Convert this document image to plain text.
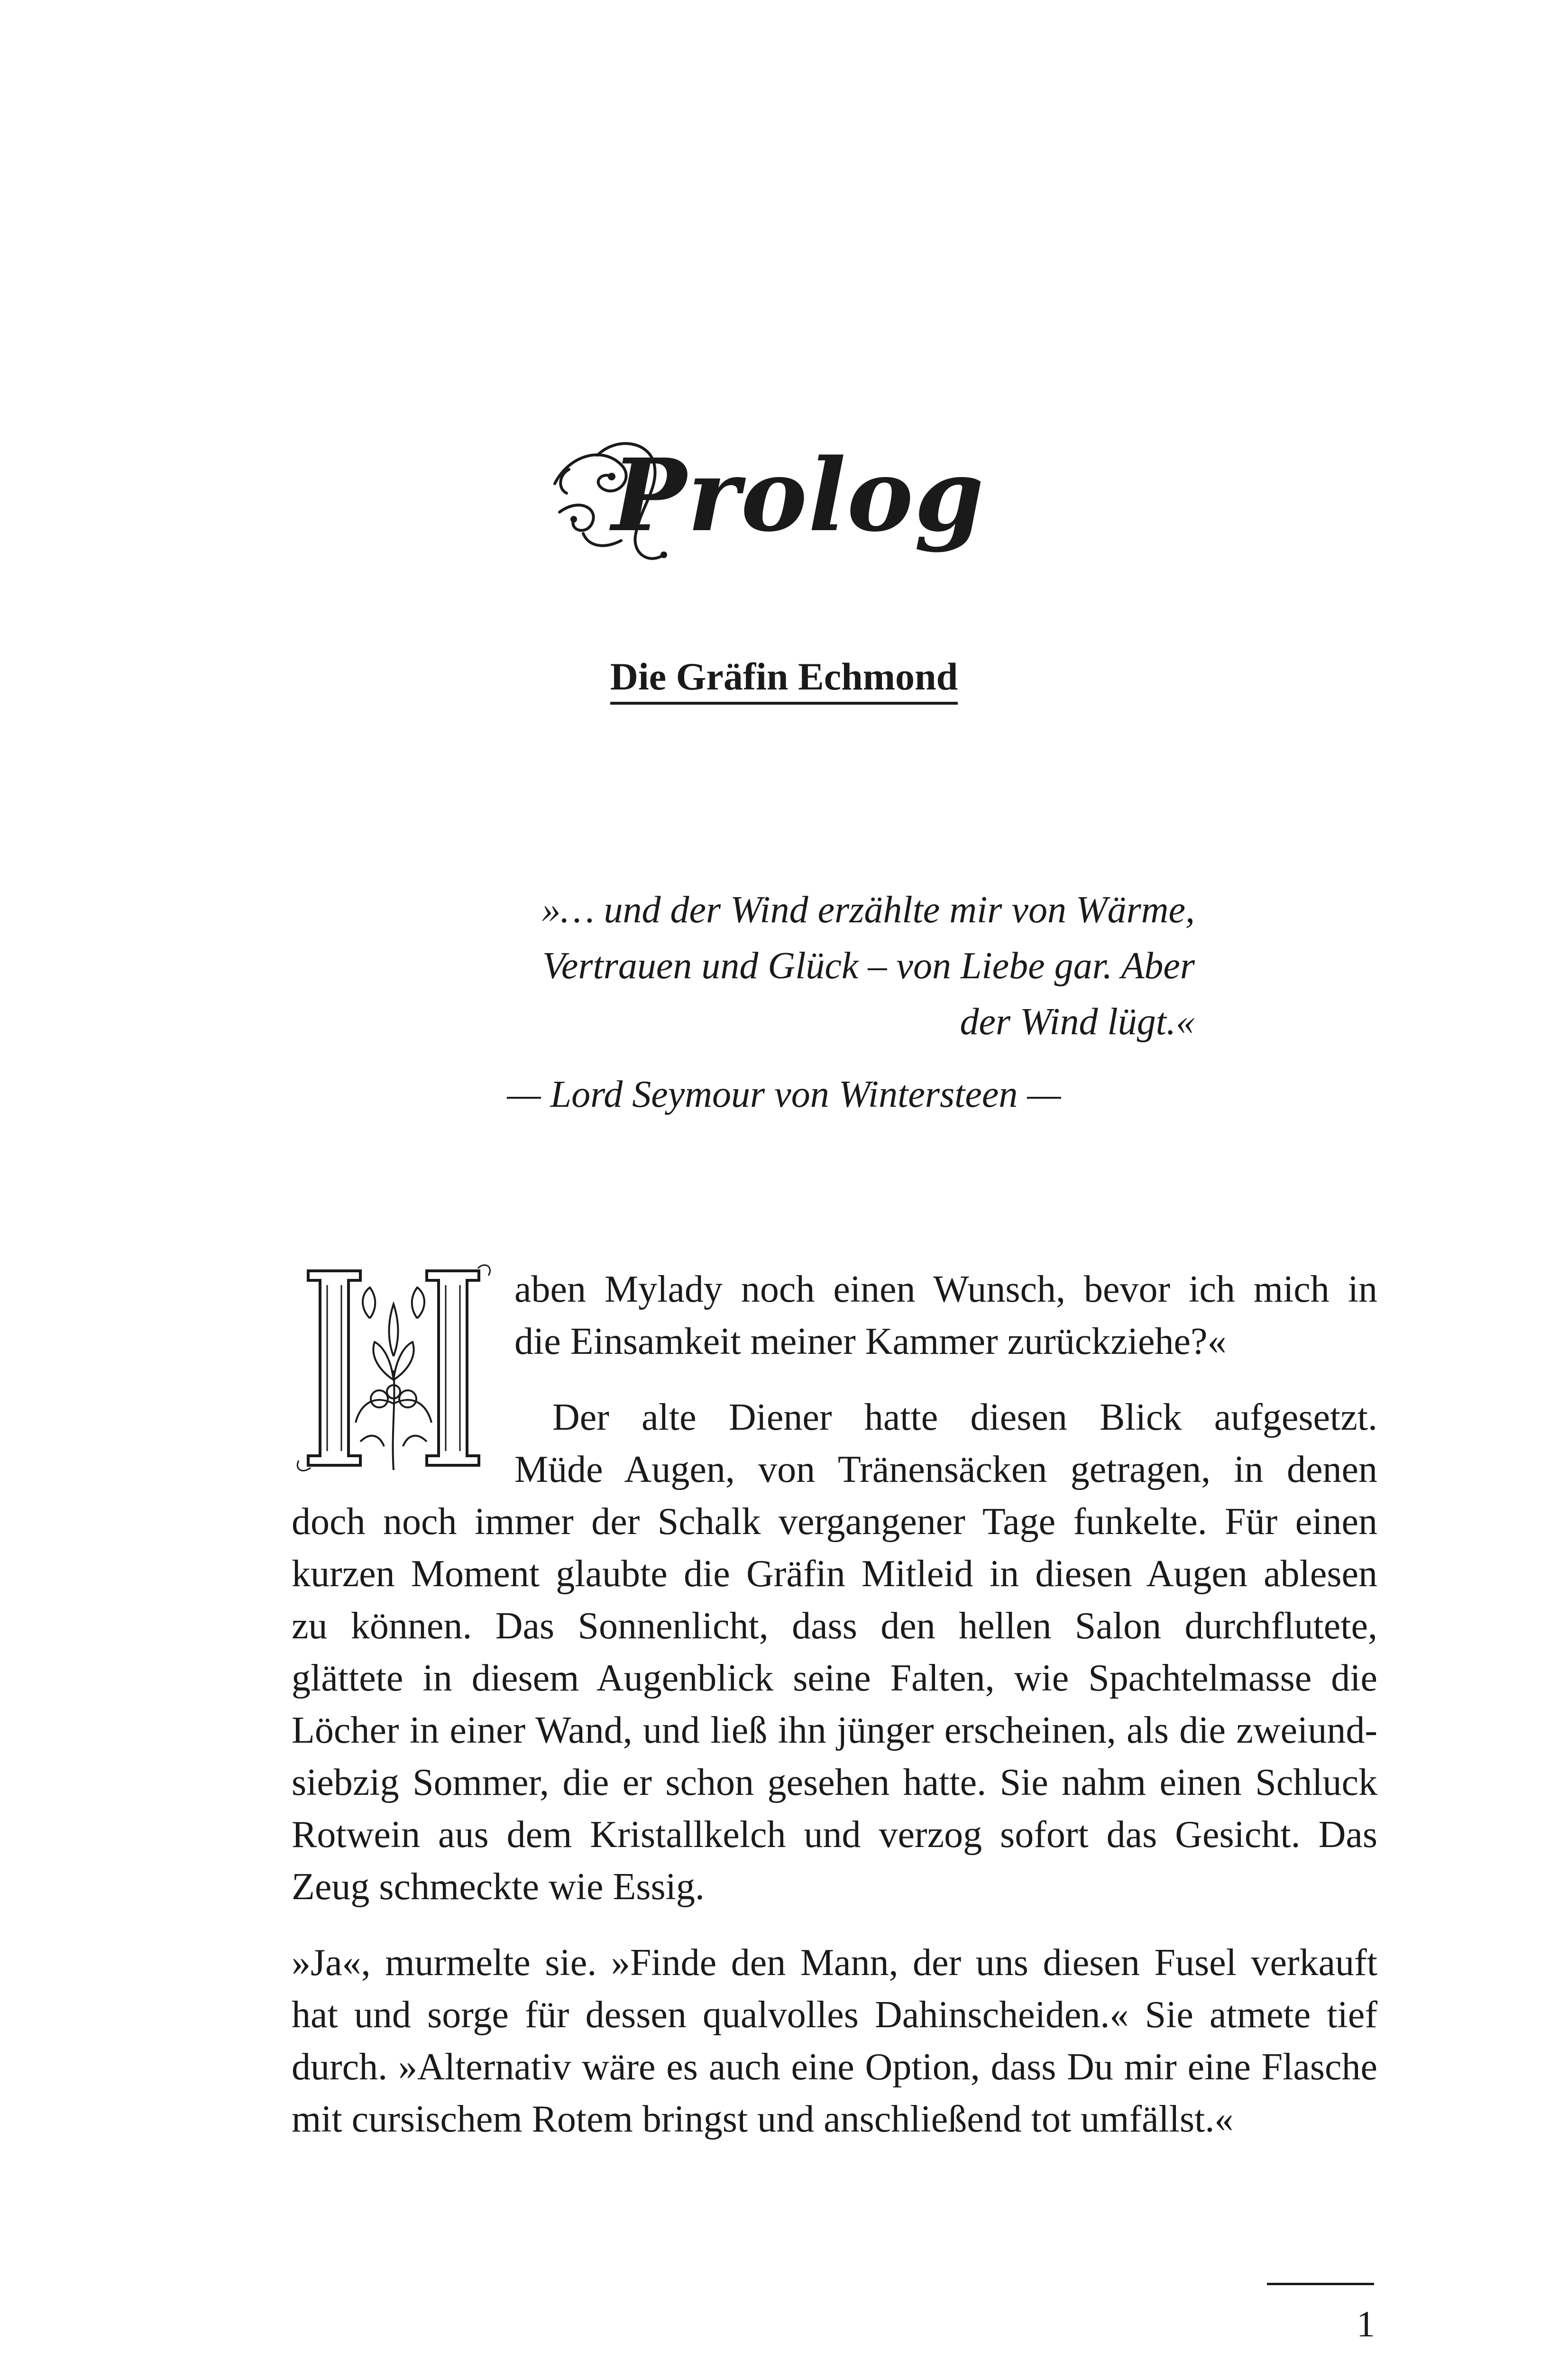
Prolog
Die Gräfin Echmond
»… und der Wind erzählte mir von Wärme,
Vertrauen und Glück – von Liebe gar. Aber
der Wind lügt.«
— Lord Seymour von Wintersteen —
aben Mylady noch einen Wunsch, bevor ich mich in
die Einsamkeit meiner Kammer zurückziehe?«
Der alte Diener hatte diesen Blick aufgesetzt.
Müde Augen, von Tränensäcken getragen, in denen
doch noch immer der Schalk vergangener Tage funkelte. Für einen
kurzen Moment glaubte die Gräfin Mitleid in diesen Augen ablesen
zu können. Das Sonnenlicht, dass den hellen Salon durchflutete,
glättete in diesem Augenblick seine Falten, wie Spachtelmasse die
Löcher in einer Wand, und ließ ihn jünger erscheinen, als die zweiund-
siebzig Sommer, die er schon gesehen hatte. Sie nahm einen Schluck
Rotwein aus dem Kristallkelch und verzog sofort das Gesicht. Das
Zeug schmeckte wie Essig.
»Ja«, murmelte sie. »Finde den Mann, der uns diesen Fusel verkauft
hat und sorge für dessen qualvolles Dahinscheiden.« Sie atmete tief
durch. »Alternativ wäre es auch eine Option, dass Du mir eine Flasche
mit cursischem Rotem bringst und anschließend tot umfällst.«
1
